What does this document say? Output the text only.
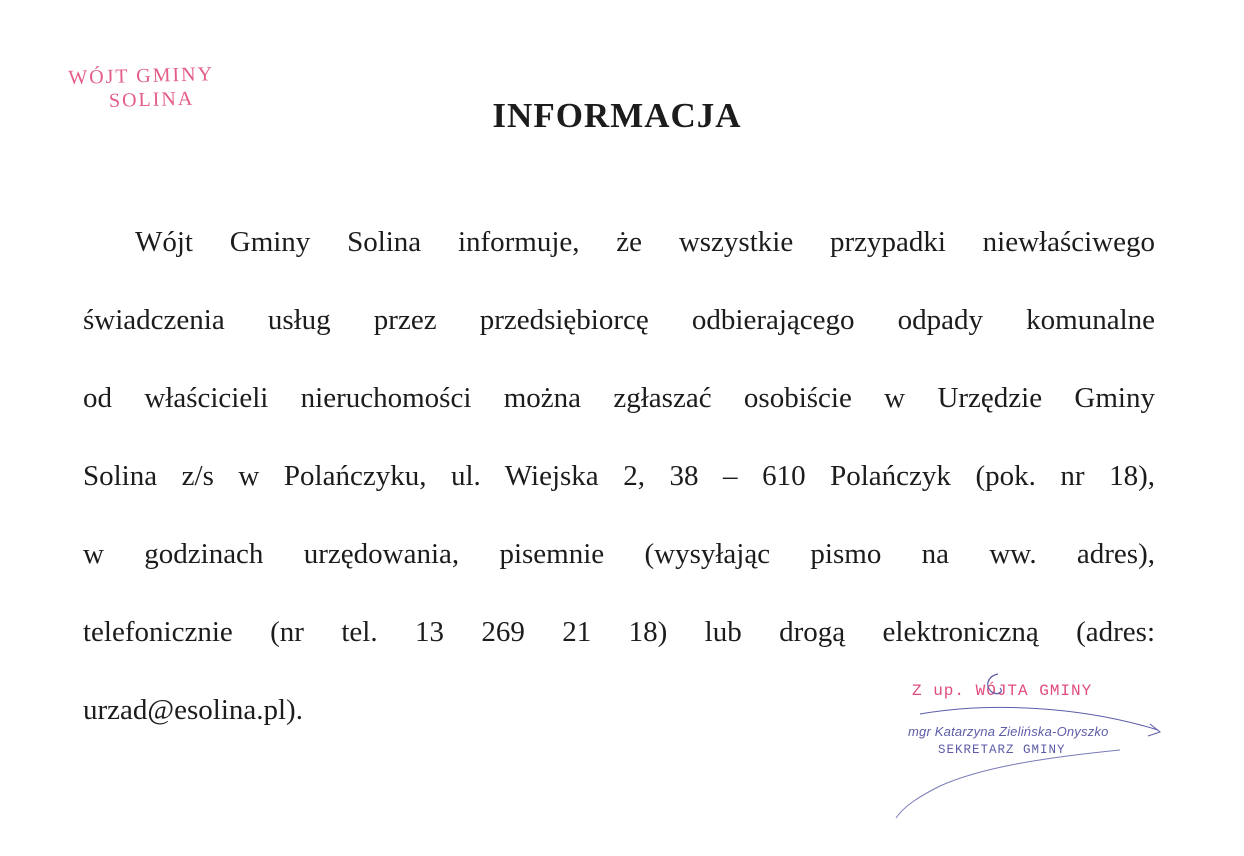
WÓJT GMINY
SOLINA	INFORMACJA
Wójt Gminy Solina informuje, że wszystkie przypadki niewłaściwego
świadczenia usług przez przedsiębiorcę odbierającego odpady komunalne
od właścicieli nieruchomości można zgłaszać osobiście w Urzędzie Gminy
Solina z/s w Polańczyku, ul. Wiejska 2, 38 – 610 Polańczyk (pok. nr 18),
w godzinach urzędowania, pisemnie (wysyłając pismo na ww. adres),
telefonicznie (nr tel. 13 269 21 18) lub drogą elektroniczną (adres:
urzad@esolina.pl).
Z up. WÓJTA GMINY
mgr Katarzyna Zielińska-Onyszko
SEKRETARZ GMINY
